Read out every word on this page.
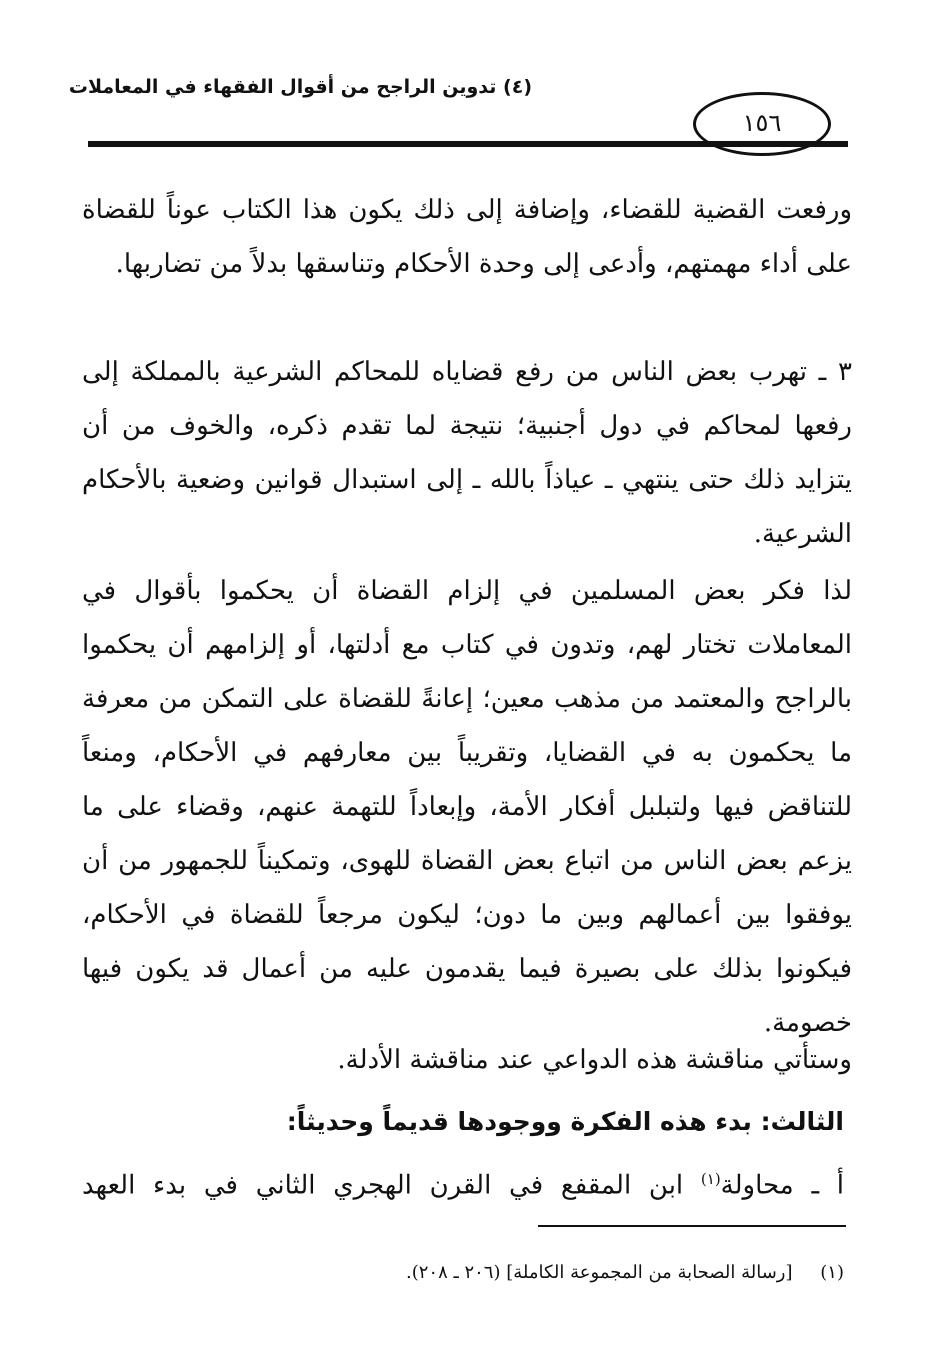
(٤) تدوين الراجح من أقوال الفقهاء في المعاملات
١٥٦
ورفعت القضية للقضاء، وإضافة إلى ذلك يكون هذا الكتاب عوناً للقضاة على أداء مهمتهم، وأدعى إلى وحدة الأحكام وتناسقها بدلاً من تضاربها.
٣ ـ تهرب بعض الناس من رفع قضاياه للمحاكم الشرعية بالمملكة إلى رفعها لمحاكم في دول أجنبية؛ نتيجة لما تقدم ذكره، والخوف من أن يتزايد ذلك حتى ينتهي ـ عياذاً بالله ـ إلى استبدال قوانين وضعية بالأحكام الشرعية.
لذا فكر بعض المسلمين في إلزام القضاة أن يحكموا بأقوال في المعاملات تختار لهم، وتدون في كتاب مع أدلتها، أو إلزامهم أن يحكموا بالراجح والمعتمد من مذهب معين؛ إعانةً للقضاة على التمكن من معرفة ما يحكمون به في القضايا، وتقريباً بين معارفهم في الأحكام، ومنعاً للتناقض فيها ولتبلبل أفكار الأمة، وإبعاداً للتهمة عنهم، وقضاء على ما يزعم بعض الناس من اتباع بعض القضاة للهوى، وتمكيناً للجمهور من أن يوفقوا بين أعمالهم وبين ما دون؛ ليكون مرجعاً للقضاة في الأحكام، فيكونوا بذلك على بصيرة فيما يقدمون عليه من أعمال قد يكون فيها خصومة.
وستأتي مناقشة هذه الدواعي عند مناقشة الأدلة.
الثالث: بدء هذه الفكرة ووجودها قديماً وحديثاً:
أ ـ محاولة$^{(١)}$ ابن المقفع في القرن الهجري الثاني في بدء العهد
(١) [رسالة الصحابة من المجموعة الكاملة] (٢٠٦ ـ ٢٠٨).
